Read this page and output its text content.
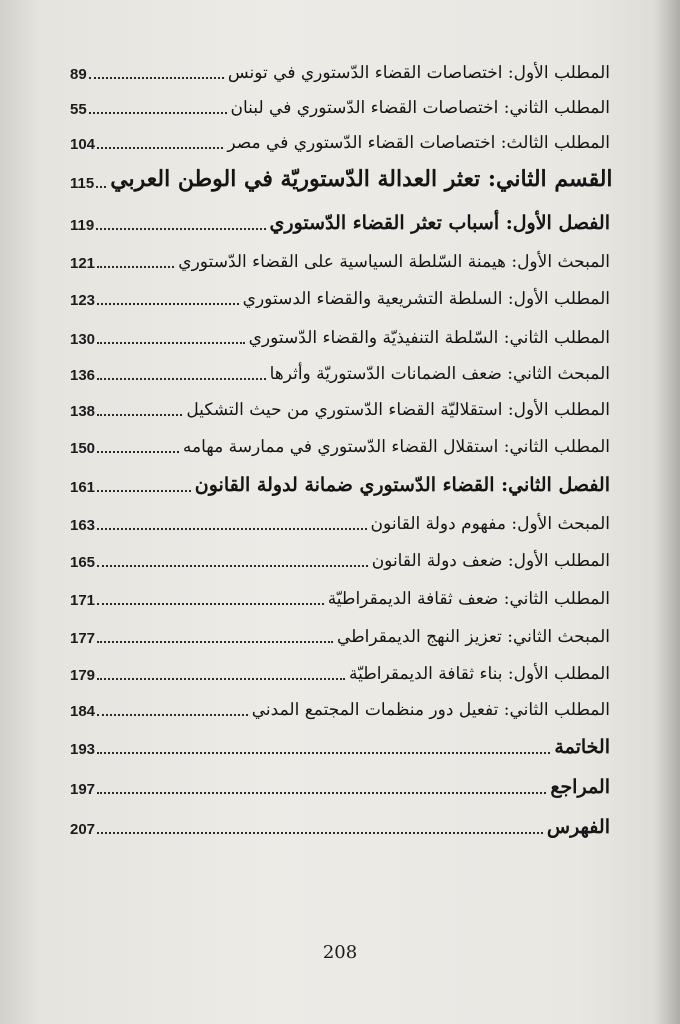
89	المطلب الأول: اختصاصات القضاء الدّستوري في تونس
55	المطلب الثاني: اختصاصات القضاء الدّستوري في لبنان
104	المطلب الثالث: اختصاصات القضاء الدّستوري في مصر
115 القسم الثاني: تعثر العدالة الدّستوريّة في الوطن العربي
119	الفصل الأول: أسباب تعثر القضاء الدّستوري
121	المبحث الأول: هيمنة السّلطة السياسية على القضاء الدّستوري
123	المطلب الأول: السلطة التشريعية والقضاء الدستوري
130	المطلب الثاني: السّلطة التنفيذيّة والقضاء الدّستوري
136	المبحث الثاني: ضعف الضمانات الدّستوريّة وأثرها
138	المطلب الأول: استقلاليّة القضاء الدّستوري من حيث التشكيل
150	المطلب الثاني: استقلال القضاء الدّستوري في ممارسة مهامه
161	الفصل الثاني: القضاء الدّستوري ضمانة لدولة القانون
163	المبحث الأول: مفهوم دولة القانون
165	المطلب الأول: ضعف دولة القانون
171	المطلب الثاني: ضعف ثقافة الديمقراطيّة
177	المبحث الثاني: تعزيز النهج الديمقراطي
179	المطلب الأول: بناء ثقافة الديمقراطيّة
184	المطلب الثاني: تفعيل دور منظمات المجتمع المدني
193	الخاتمة
197	المراجع
207	الفهرس
208
